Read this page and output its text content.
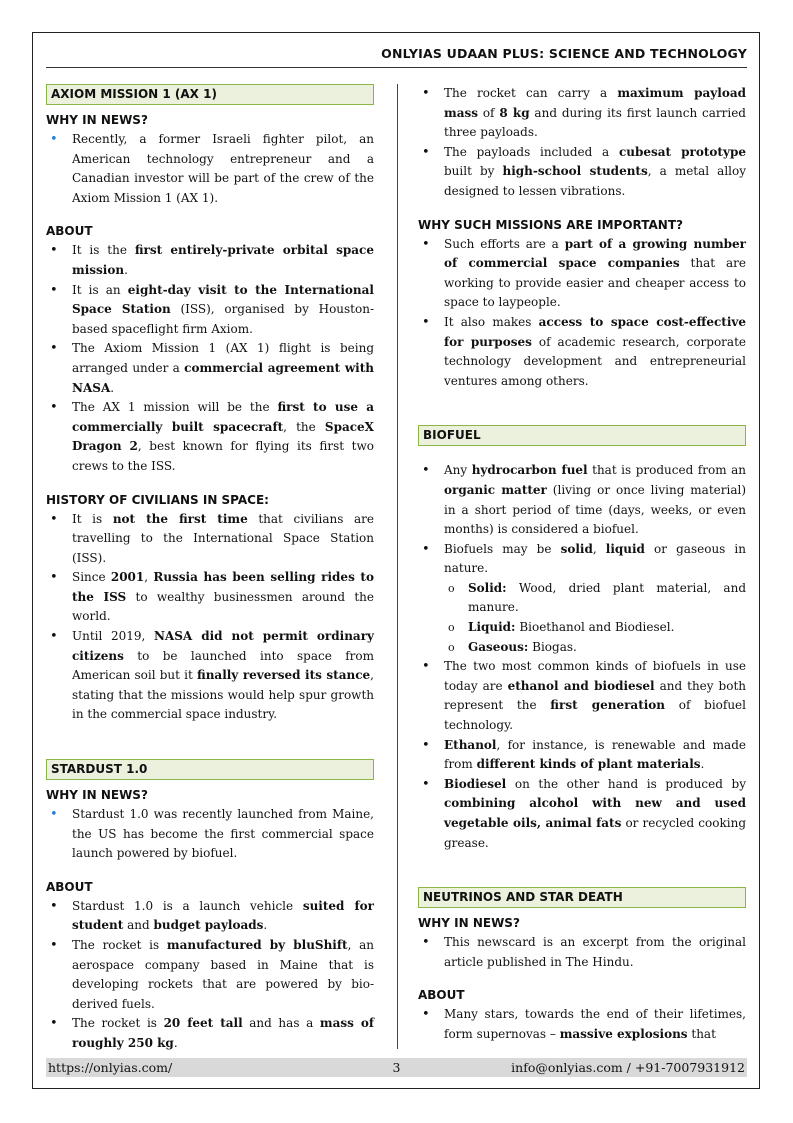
ONLYIAS UDAAN PLUS: SCIENCE AND TECHNOLOGY
AXIOM MISSION 1 (AX 1)
WHY IN NEWS?
• Recently, a former Israeli fighter pilot, an American technology entrepreneur and a Canadian investor will be part of the crew of the Axiom Mission 1 (AX 1).
ABOUT
• It is the first entirely-private orbital space mission.
• It is an eight-day visit to the International Space Station (ISS), organised by Houston-based spaceflight firm Axiom.
• The Axiom Mission 1 (AX 1) flight is being arranged under a commercial agreement with NASA.
• The AX 1 mission will be the first to use a commercially built spacecraft, the SpaceX Dragon 2, best known for flying its first two crews to the ISS.
HISTORY OF CIVILIANS IN SPACE:
• It is not the first time that civilians are travelling to the International Space Station (ISS).
• Since 2001, Russia has been selling rides to the ISS to wealthy businessmen around the world.
• Until 2019, NASA did not permit ordinary citizens to be launched into space from American soil but it finally reversed its stance, stating that the missions would help spur growth in the commercial space industry.
STARDUST 1.0
WHY IN NEWS?
• Stardust 1.0 was recently launched from Maine, the US has become the first commercial space launch powered by biofuel.
ABOUT
• Stardust 1.0 is a launch vehicle suited for student and budget payloads.
• The rocket is manufactured by bluShift, an aerospace company based in Maine that is developing rockets that are powered by bio-derived fuels.
• The rocket is 20 feet tall and has a mass of roughly 250 kg.
• The rocket can carry a maximum payload mass of 8 kg and during its first launch carried three payloads.
• The payloads included a cubesat prototype built by high-school students, a metal alloy designed to lessen vibrations.
WHY SUCH MISSIONS ARE IMPORTANT?
• Such efforts are a part of a growing number of commercial space companies that are working to provide easier and cheaper access to space to laypeople.
• It also makes access to space cost-effective for purposes of academic research, corporate technology development and entrepreneurial ventures among others.
BIOFUEL
• Any hydrocarbon fuel that is produced from an organic matter (living or once living material) in a short period of time (days, weeks, or even months) is considered a biofuel.
• Biofuels may be solid, liquid or gaseous in nature.
o Solid: Wood, dried plant material, and manure.
o Liquid: Bioethanol and Biodiesel.
o Gaseous: Biogas.
• The two most common kinds of biofuels in use today are ethanol and biodiesel and they both represent the first generation of biofuel technology.
• Ethanol, for instance, is renewable and made from different kinds of plant materials.
• Biodiesel on the other hand is produced by combining alcohol with new and used vegetable oils, animal fats or recycled cooking grease.
NEUTRINOS AND STAR DEATH
WHY IN NEWS?
• This newscard is an excerpt from the original article published in The Hindu.
ABOUT
• Many stars, towards the end of their lifetimes, form supernovas – massive explosions that
https://onlyias.com/	3	info@onlyias.com / +91-7007931912
